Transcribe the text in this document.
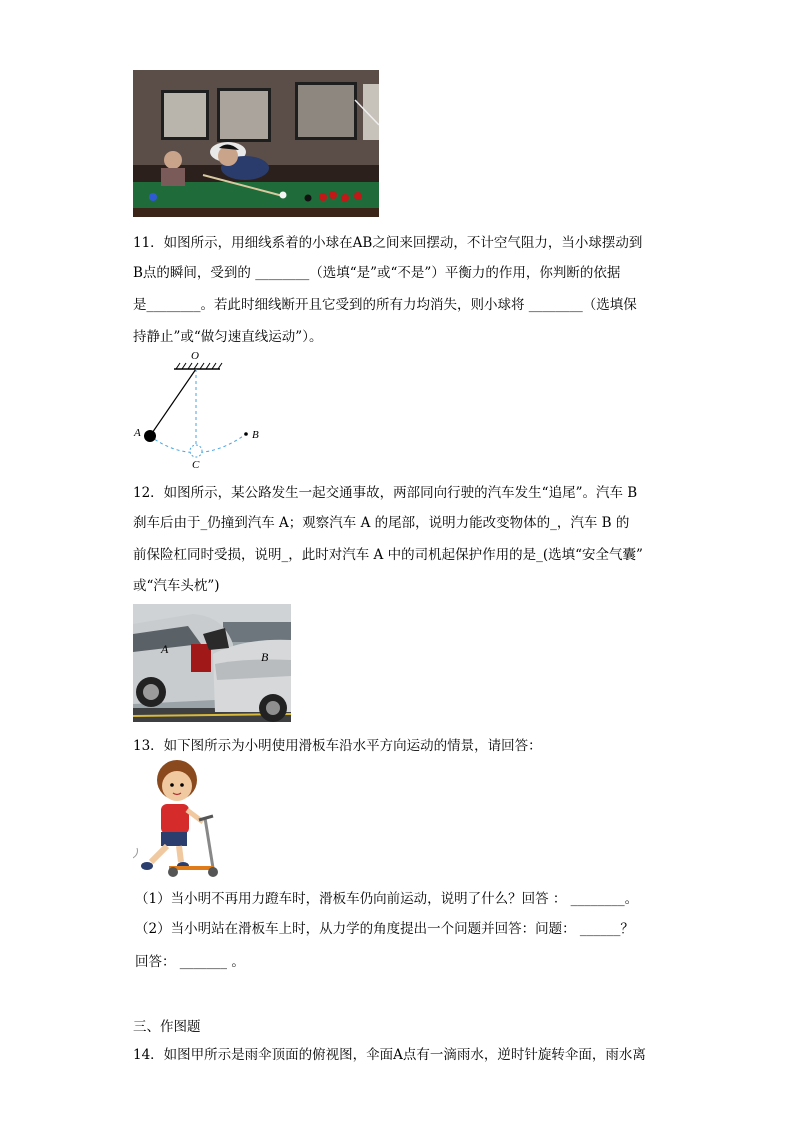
11．如图所示，用细线系着的小球在AB之间来回摆动，不计空气阻力，当小球摆动到
B点的瞬间，受到的 ________（选填“是”或“不是”）平衡力的作用，你判断的依据
是________。若此时细线断开且它受到的所有力均消失，则小球将 ________（选填保
持静止”或“做匀速直线运动”）。
O
A	B
C
12．如图所示，某公路发生一起交通事故，两部同向行驶的汽车发生“追尾”。汽车 B
刹车后由于_仍撞到汽车 A；观察汽车 A 的尾部，说明力能改变物体的_，汽车 B 的
前保险杠同时受损，说明_，此时对汽车 A 中的司机起保护作用的是_(选填“安全气囊”
或“汽车头枕”)
A
B
13．如下图所示为小明使用滑板车沿水平方向运动的情景，请回答：
（1）当小明不再用力蹬车时，滑板车仍向前运动，说明了什么？回答 ： ________。
（2）当小明站在滑板车上时，从力学的角度提出一个问题并回答：问题： ______？
回答： _______ 。
三、作图题
14．如图甲所示是雨伞顶面的俯视图，伞面A点有一滴雨水，逆时针旋转伞面，雨水离
